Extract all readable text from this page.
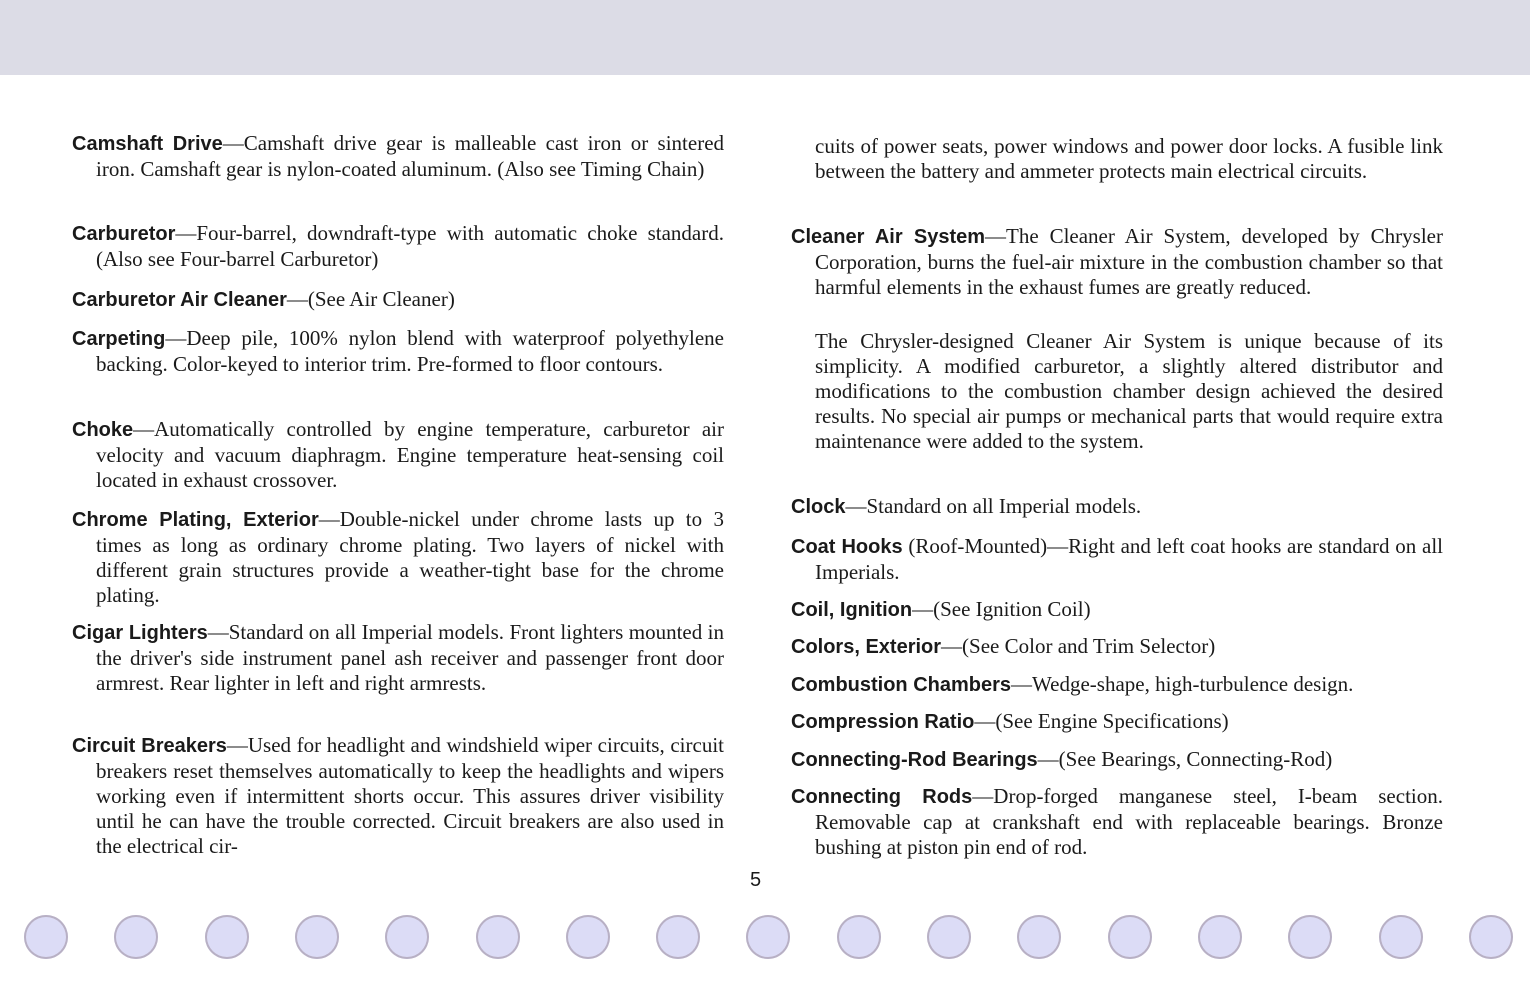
Camshaft Drive—Camshaft drive gear is malleable cast iron or sintered iron. Camshaft gear is nylon-coated aluminum. (Also see Timing Chain)
Carburetor—Four-barrel, downdraft-type with automatic choke standard. (Also see Four-barrel Carburetor)
Carburetor Air Cleaner—(See Air Cleaner)
Carpeting—Deep pile, 100% nylon blend with waterproof polyethylene backing. Color-keyed to interior trim. Pre-formed to floor contours.
Choke—Automatically controlled by engine temperature, carburetor air velocity and vacuum diaphragm. Engine temperature heat-sensing coil located in exhaust crossover.
Chrome Plating, Exterior—Double-nickel under chrome lasts up to 3 times as long as ordinary chrome plating. Two layers of nickel with different grain structures provide a weather-tight base for the chrome plating.
Cigar Lighters—Standard on all Imperial models. Front lighters mounted in the driver's side instrument panel ash receiver and passenger front door armrest. Rear lighter in left and right armrests.
Circuit Breakers—Used for headlight and windshield wiper circuits, circuit breakers reset themselves automatically to keep the headlights and wipers working even if intermittent shorts occur. This assures driver visibility until he can have the trouble corrected. Circuit breakers are also used in the electrical cir-
cuits of power seats, power windows and power door locks. A fusible link between the battery and ammeter protects main electrical circuits.
Cleaner Air System—The Cleaner Air System, developed by Chrysler Corporation, burns the fuel-air mixture in the combustion chamber so that harmful elements in the exhaust fumes are greatly reduced.
The Chrysler-designed Cleaner Air System is unique because of its simplicity. A modified carburetor, a slightly altered distributor and modifications to the combustion chamber design achieved the desired results. No special air pumps or mechanical parts that would require extra maintenance were added to the system.
Clock—Standard on all Imperial models.
Coat Hooks (Roof-Mounted)—Right and left coat hooks are standard on all Imperials.
Coil, Ignition—(See Ignition Coil)
Colors, Exterior—(See Color and Trim Selector)
Combustion Chambers—Wedge-shape, high-turbulence design.
Compression Ratio—(See Engine Specifications)
Connecting-Rod Bearings—(See Bearings, Connecting-Rod)
Connecting Rods—Drop-forged manganese steel, I-beam section. Removable cap at crankshaft end with replaceable bearings. Bronze bushing at piston pin end of rod.
5
